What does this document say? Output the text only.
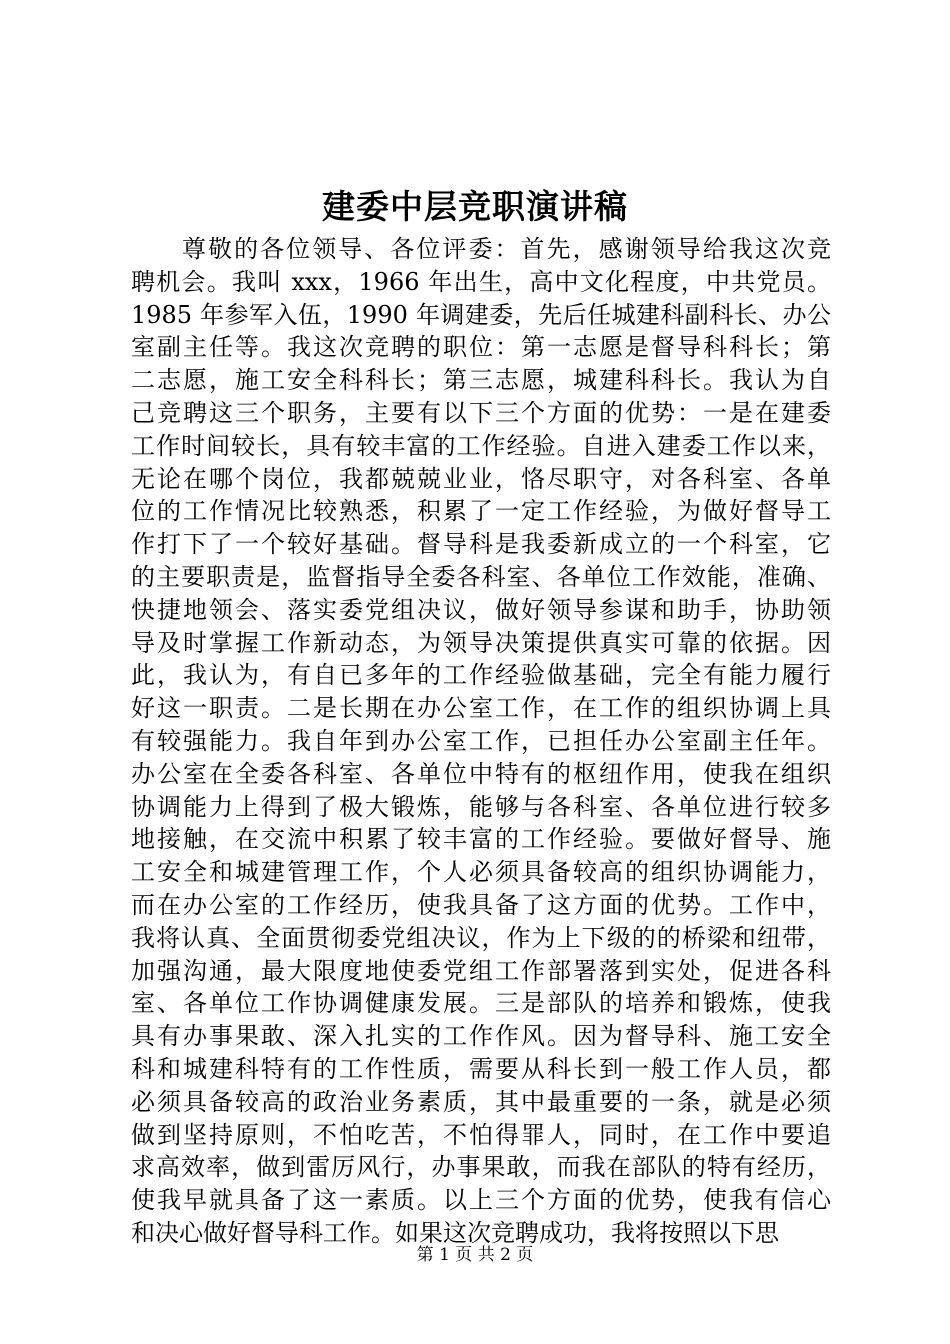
建委中层竞职演讲稿
尊敬的各位领导、各位评委：首先，感谢领导给我这次竞
聘机会。我叫 xxx，1966 年出生，高中文化程度，中共党员。
1985 年参军入伍，1990 年调建委，先后任城建科副科长、办公
室副主任等。我这次竞聘的职位：第一志愿是督导科科长；第
二志愿，施工安全科科长；第三志愿，城建科科长。我认为自
己竞聘这三个职务，主要有以下三个方面的优势：一是在建委
工作时间较长，具有较丰富的工作经验。自进入建委工作以来，
无论在哪个岗位，我都兢兢业业，恪尽职守，对各科室、各单
位的工作情况比较熟悉，积累了一定工作经验，为做好督导工
作打下了一个较好基础。督导科是我委新成立的一个科室，它
的主要职责是，监督指导全委各科室、各单位工作效能，准确、
快捷地领会、落实委党组决议，做好领导参谋和助手，协助领
导及时掌握工作新动态，为领导决策提供真实可靠的依据。因
此，我认为，有自已多年的工作经验做基础，完全有能力履行
好这一职责。二是长期在办公室工作，在工作的组织协调上具
有较强能力。我自年到办公室工作，已担任办公室副主任年。
办公室在全委各科室、各单位中特有的枢纽作用，使我在组织
协调能力上得到了极大锻炼，能够与各科室、各单位进行较多
地接触，在交流中积累了较丰富的工作经验。要做好督导、施
工安全和城建管理工作，个人必须具备较高的组织协调能力，
而在办公室的工作经历，使我具备了这方面的优势。工作中，
我将认真、全面贯彻委党组决议，作为上下级的的桥梁和纽带，
加强沟通，最大限度地使委党组工作部署落到实处，促进各科
室、各单位工作协调健康发展。三是部队的培养和锻炼，使我
具有办事果敢、深入扎实的工作作风。因为督导科、施工安全
科和城建科特有的工作性质，需要从科长到一般工作人员，都
必须具备较高的政治业务素质，其中最重要的一条，就是必须
做到坚持原则，不怕吃苦，不怕得罪人，同时，在工作中要追
求高效率，做到雷厉风行，办事果敢，而我在部队的特有经历，
使我早就具备了这一素质。以上三个方面的优势，使我有信心
和决心做好督导科工作。如果这次竞聘成功，我将按照以下思
第 1 页 共 2 页
